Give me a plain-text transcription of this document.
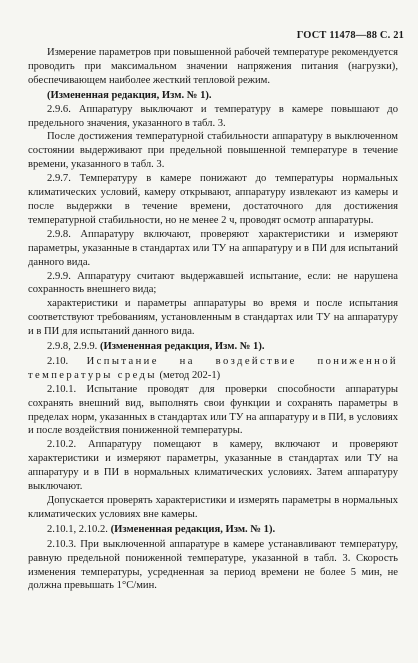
ГОСТ 11478—88 С. 21

Измерение параметров при повышенной рабочей температуре рекомендуется проводить при максимальном значении напряжения питания (нагрузки), обеспечивающем наиболее жесткий тепловой режим.

(Измененная редакция, Изм. № 1).

2.9.6. Аппаратуру выключают и температуру в камере повышают до предельного значения, указанного в табл. 3.

После достижения температурной стабильности аппаратуру в выключенном состоянии выдерживают при предельной повышенной температуре в течение времени, указанного в табл. 3.

2.9.7. Температуру в камере понижают до температуры нормальных климатических условий, камеру открывают, аппаратуру извлекают из камеры и после выдержки в течение времени, достаточного для достижения температурной стабильности, но не менее 2 ч, проводят осмотр аппаратуры.

2.9.8. Аппаратуру включают, проверяют характеристики и измеряют параметры, указанные в стандартах или ТУ на аппаратуру и в ПИ для испытаний данного вида.

2.9.9. Аппаратуру считают выдержавшей испытание, если: не нарушена сохранность внешнего вида;

характеристики и параметры аппаратуры во время и после испытания соответствуют требованиям, установленным в стандартах или ТУ на аппаратуру и в ПИ для испытаний данного вида.

2.9.8, 2.9.9. (Измененная редакция, Изм. № 1).

2.10. Испытание на воздействие пониженной температуры среды (метод 202-1)

2.10.1. Испытание проводят для проверки способности аппаратуры сохранять внешний вид, выполнять свои функции и сохранять параметры в пределах норм, указанных в стандартах или ТУ на аппаратуру и в ПИ, в условиях и после воздействия пониженной температуры.

2.10.2. Аппаратуру помещают в камеру, включают и проверяют характеристики и измеряют параметры, указанные в стандартах или ТУ на аппаратуру и в ПИ в нормальных климатических условиях. Затем аппаратуру выключают.

Допускается проверять характеристики и измерять параметры в нормальных климатических условиях вне камеры.

2.10.1, 2.10.2. (Измененная редакция, Изм. № 1).

2.10.3. При выключенной аппаратуре в камере устанавливают температуру, равную предельной пониженной температуре, указанной в табл. 3. Скорость изменения температуры, усредненная за период времени не более 5 мин, не должна превышать 1°С/мин.
